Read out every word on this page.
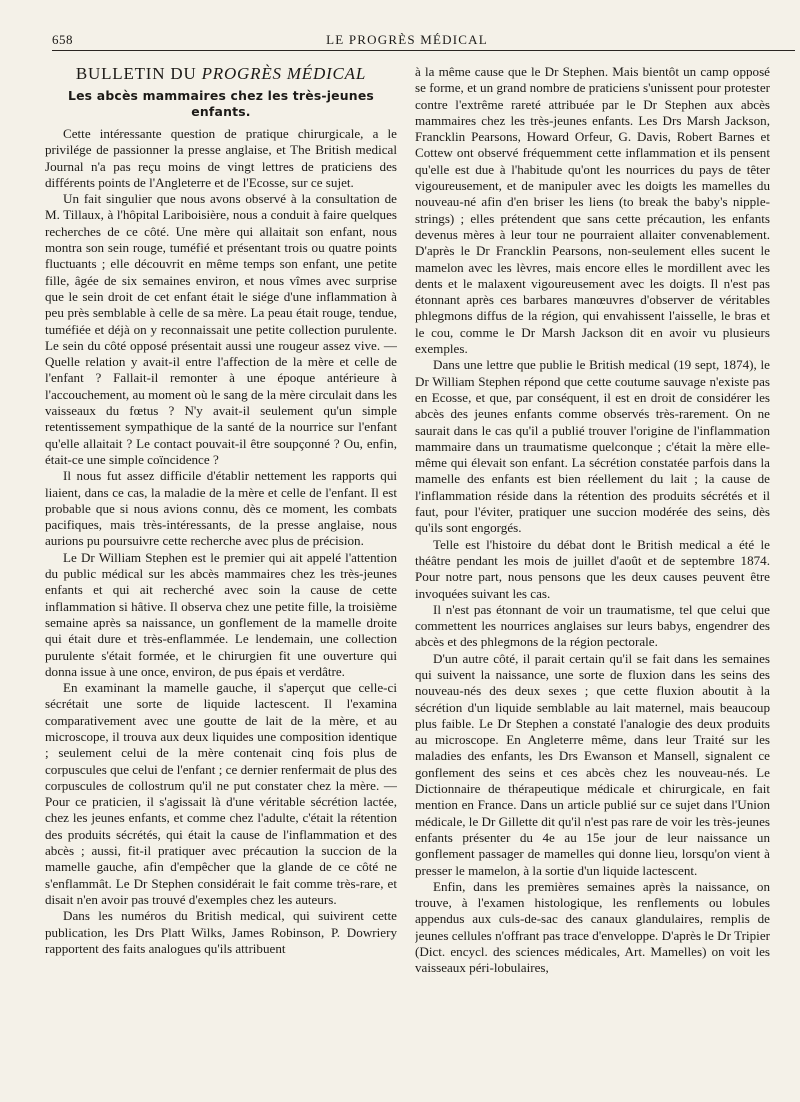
658	LE PROGRÈS MÉDICAL
BULLETIN DU PROGRÈS MÉDICAL
Les abcès mammaires chez les très-jeunes enfants.

Cette intéressante question de pratique chirurgicale, a le privilége de passionner la presse anglaise, et The British medical Journal n'a pas reçu moins de vingt lettres de praticiens des différents points de l'Angleterre et de l'Ecosse, sur ce sujet.

Un fait singulier que nous avons observé à la consultation de M. Tillaux, à l'hôpital Lariboisière, nous a conduit à faire quelques recherches de ce côté. Une mère qui allaitait son enfant, nous montra son sein rouge, tuméfié et présentant trois ou quatre points fluctuants ; elle découvrit en même temps son enfant, une petite fille, âgée de six semaines environ, et nous vîmes avec surprise que le sein droit de cet enfant était le siége d'une inflammation à peu près semblable à celle de sa mère. La peau était rouge, tendue, tuméfiée et déjà on y reconnaissait une petite collection purulente. Le sein du côté opposé présentait aussi une rougeur assez vive. — Quelle relation y avait-il entre l'affection de la mère et celle de l'enfant ? Fallait-il remonter à une époque antérieure à l'accouchement, au moment où le sang de la mère circulait dans les vaisseaux du fœtus ? N'y avait-il seulement qu'un simple retentissement sympathique de la santé de la nourrice sur l'enfant qu'elle allaitait ? Le contact pouvait-il être soupçonné ? Ou, enfin, était-ce une simple coïncidence ?

Il nous fut assez difficile d'établir nettement les rapports qui liaient, dans ce cas, la maladie de la mère et celle de l'enfant. Il est probable que si nous avions connu, dès ce moment, les combats pacifiques, mais très-intéressants, de la presse anglaise, nous aurions pu poursuivre cette recherche avec plus de précision.

Le Dr William Stephen est le premier qui ait appelé l'attention du public médical sur les abcès mammaires chez les très-jeunes enfants et qui ait recherché avec soin la cause de cette inflammation si hâtive. Il observa chez une petite fille, la troisième semaine après sa naissance, un gonflement de la mamelle droite qui était dure et très-enflammée. Le lendemain, une collection purulente s'était formée, et le chirurgien fit une ouverture qui donna issue à une once, environ, de pus épais et verdâtre.

En examinant la mamelle gauche, il s'aperçut que celle-ci sécrétait une sorte de liquide lactescent. Il l'examina comparativement avec une goutte de lait de la mère, et au microscope, il trouva aux deux liquides une composition identique ; seulement celui de la mère contenait cinq fois plus de corpuscules que celui de l'enfant ; ce dernier renfermait de plus des corpuscules de collostrum qu'il ne put constater chez la mère. — Pour ce praticien, il s'agissait là d'une véritable sécrétion lactée, chez les jeunes enfants, et comme chez l'adulte, c'était la rétention des produits sécrétés, qui était la cause de l'inflammation et des abcès ; aussi, fit-il pratiquer avec précaution la succion de la mamelle gauche, afin d'empêcher que la glande de ce côté ne s'enflammât. Le Dr Stephen considérait le fait comme très-rare, et disait n'en avoir pas trouvé d'exemples chez les auteurs.

Dans les numéros du British medical, qui suivirent cette publication, les Drs Platt Wilks, James Robinson, P. Dowriery rapportent des faits analogues qu'ils attribuent

à la même cause que le Dr Stephen. Mais bientôt un camp opposé se forme, et un grand nombre de praticiens s'unissent pour protester contre l'extrême rareté attribuée par le Dr Stephen aux abcès mammaires chez les très-jeunes enfants. Les Drs Marsh Jackson, Francklin Pearsons, Howard Orfeur, G. Davis, Robert Barnes et Cottew ont observé fréquemment cette inflammation et ils pensent qu'elle est due à l'habitude qu'ont les nourrices du pays de têter vigoureusement, et de manipuler avec les doigts les mamelles du nouveau-né afin d'en briser les liens (to break the baby's nipple-strings) ; elles prétendent que sans cette précaution, les enfants devenus mères à leur tour ne pourraient allaiter convenablement. D'après le Dr Francklin Pearsons, non-seulement elles sucent le mamelon avec les lèvres, mais encore elles le mordillent avec les dents et le malaxent vigoureusement avec les doigts. Il n'est pas étonnant après ces barbares manœuvres d'observer de véritables phlegmons diffus de la région, qui envahissent l'aisselle, le bras et le cou, comme le Dr Marsh Jackson dit en avoir vu plusieurs exemples.

Dans une lettre que publie le British medical (19 sept, 1874), le Dr William Stephen répond que cette coutume sauvage n'existe pas en Ecosse, et que, par conséquent, il est en droit de considérer les abcès des jeunes enfants comme observés très-rarement. On ne saurait dans le cas qu'il a publié trouver l'origine de l'inflammation mammaire dans un traumatisme quelconque ; c'était la mère elle-même qui élevait son enfant. La sécrétion constatée parfois dans la mamelle des enfants est bien réellement du lait ; la cause de l'inflammation réside dans la rétention des produits sécrétés et il faut, pour l'éviter, pratiquer une succion modérée des seins, dès qu'ils sont engorgés.

Telle est l'histoire du débat dont le British medical a été le théâtre pendant les mois de juillet d'août et de septembre 1874. Pour notre part, nous pensons que les deux causes peuvent être invoquées suivant les cas.

Il n'est pas étonnant de voir un traumatisme, tel que celui que commettent les nourrices anglaises sur leurs babys, engendrer des abcès et des phlegmons de la région pectorale.

D'un autre côté, il parait certain qu'il se fait dans les semaines qui suivent la naissance, une sorte de fluxion dans les seins des nouveau-nés des deux sexes ; que cette fluxion aboutit à la sécrétion d'un liquide semblable au lait maternel, mais beaucoup plus faible. Le Dr Stephen a constaté l'analogie des deux produits au microscope. En Angleterre même, dans leur Traité sur les maladies des enfants, les Drs Ewanson et Mansell, signalent ce gonflement des seins et ces abcès chez les nouveau-nés. Le Dictionnaire de thérapeutique médicale et chirurgicale, en fait mention en France. Dans un article publié sur ce sujet dans l'Union médicale, le Dr Gillette dit qu'il n'est pas rare de voir les très-jeunes enfants présenter du 4e au 15e jour de leur naissance un gonflement passager de mamelles qui donne lieu, lorsqu'on vient à presser le mamelon, à la sortie d'un liquide lactescent.

Enfin, dans les premières semaines après la naissance, on trouve, à l'examen histologique, les renflements ou lobules appendus aux culs-de-sac des canaux glandulaires, remplis de jeunes cellules n'offrant pas trace d'enveloppe. D'après le Dr Tripier (Dict. encycl. des sciences médicales, Art. Mamelles) on voit les vaisseaux péri-lobulaires,
